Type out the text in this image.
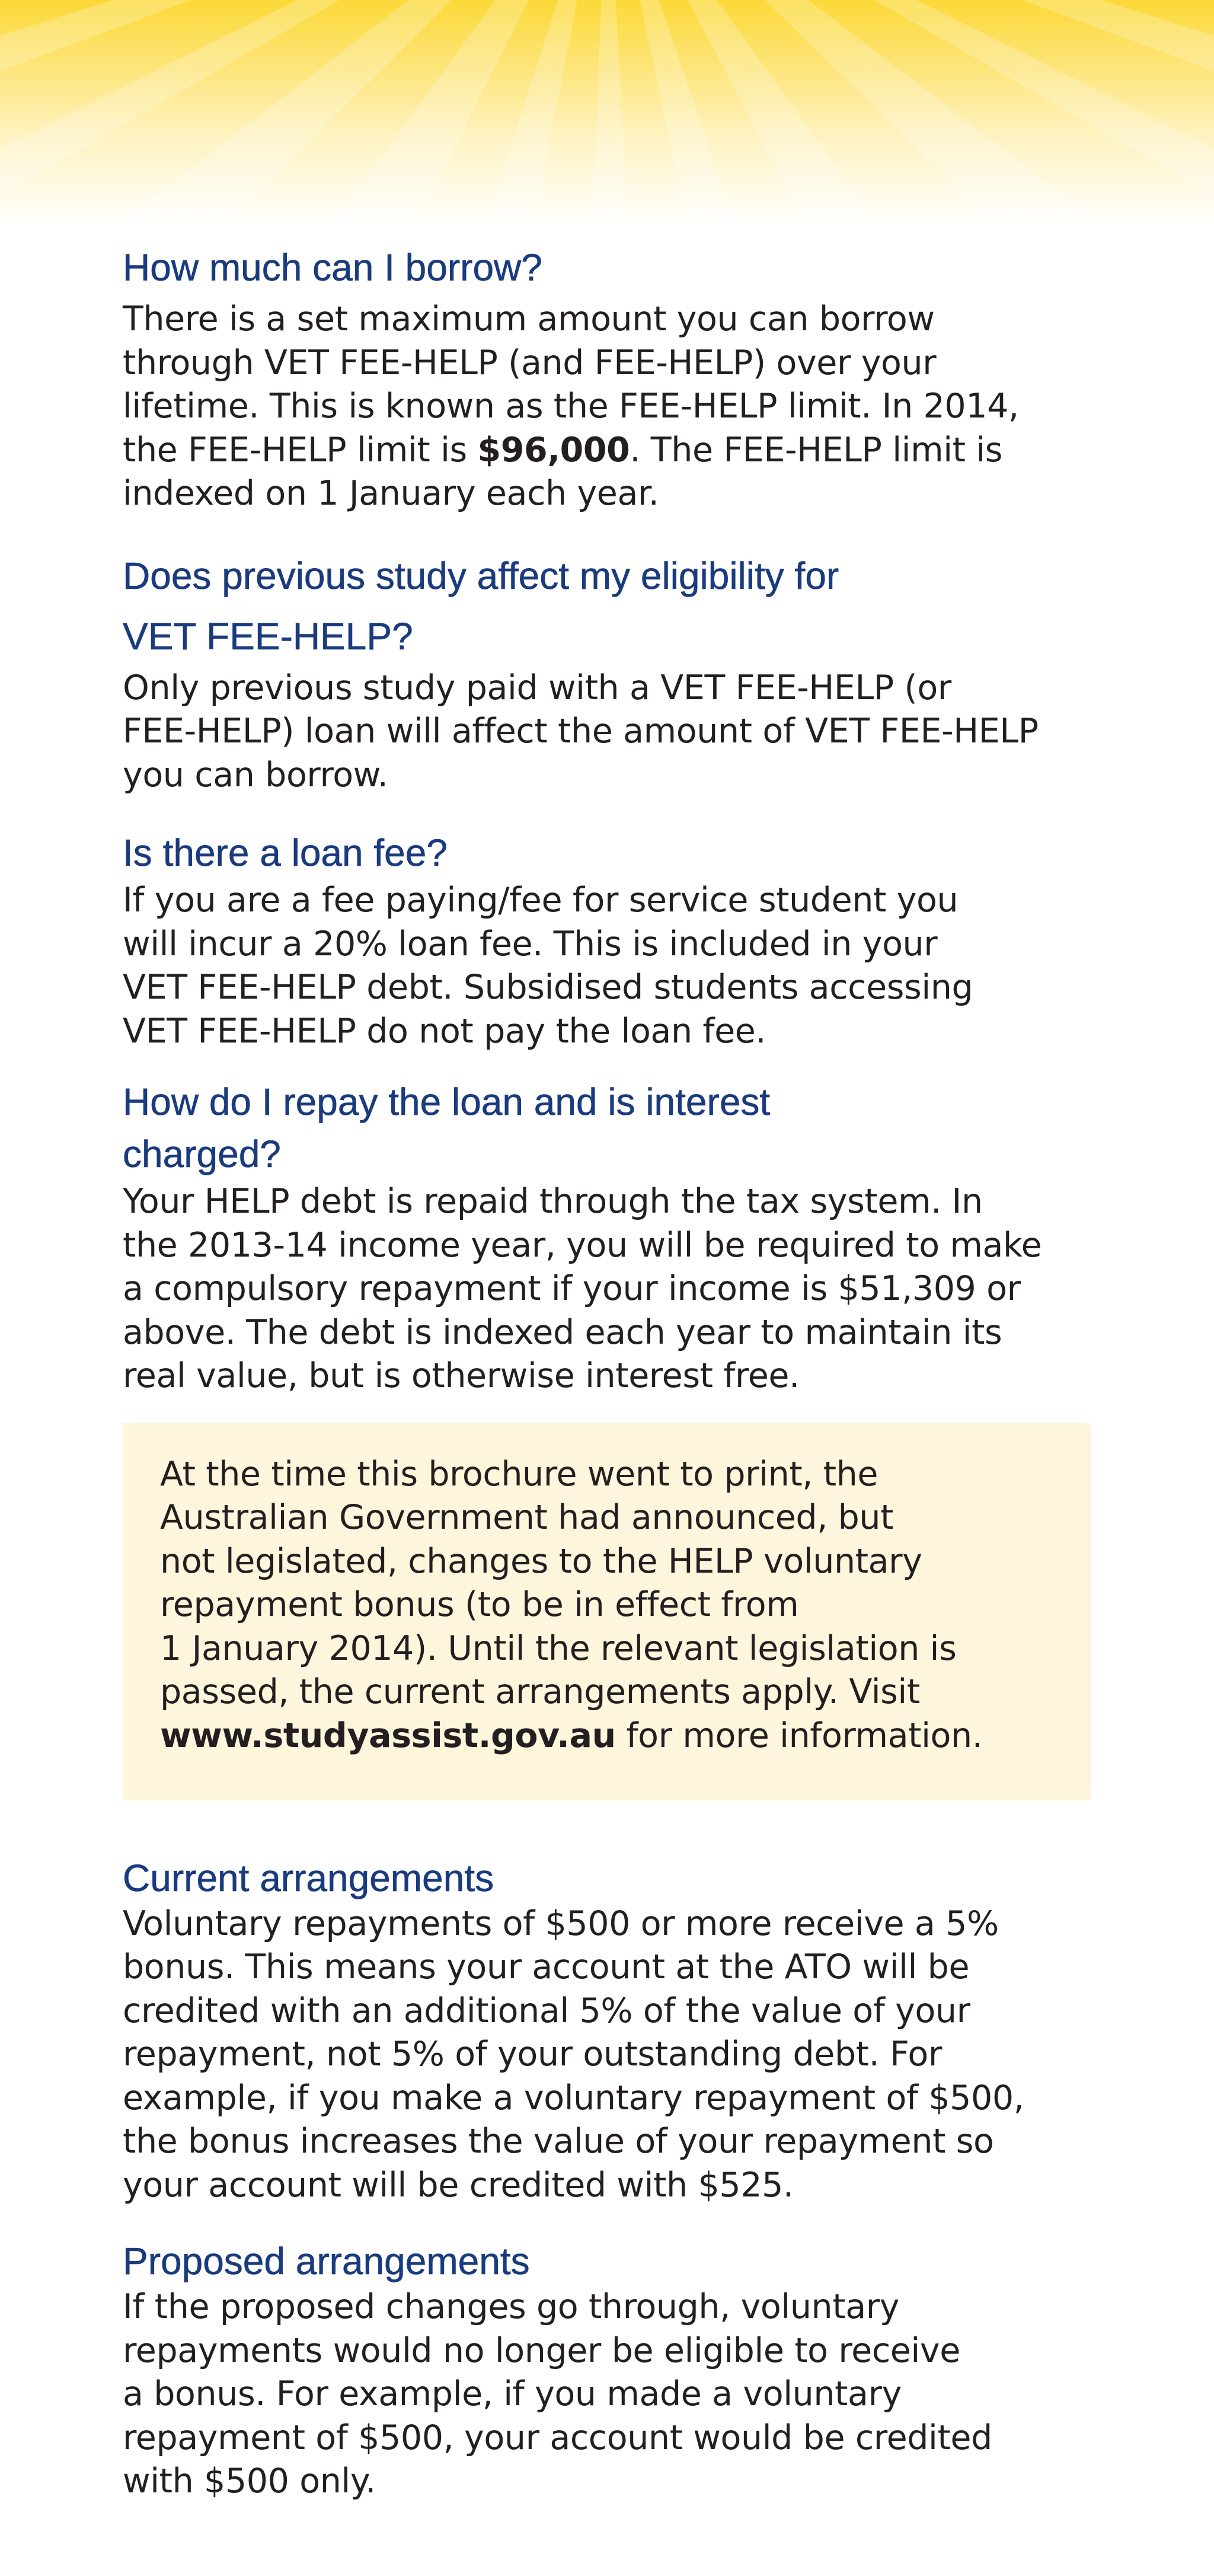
How much can I borrow?

There is a set maximum amount you can borrow
through VET FEE-HELP (and FEE-HELP) over your
lifetime. This is known as the FEE-HELP limit. In 2014,
the FEE-HELP limit is $96,000. The FEE-HELP limit is
indexed on 1 January each year.

Does previous study affect my eligibility for
VET FEE-HELP?

Only previous study paid with a VET FEE-HELP (or
FEE-HELP) loan will affect the amount of VET FEE-HELP
you can borrow.

Is there a loan fee?

If you are a fee paying/fee for service student you
will incur a 20% loan fee. This is included in your
VET FEE-HELP debt. Subsidised students accessing
VET FEE-HELP do not pay the loan fee.

How do I repay the loan and is interest
charged?

Your HELP debt is repaid through the tax system. In
the 2013-14 income year, you will be required to make
a compulsory repayment if your income is $51,309 or
above. The debt is indexed each year to maintain its
real value, but is otherwise interest free.

At the time this brochure went to print, the
Australian Government had announced, but
not legislated, changes to the HELP voluntary
repayment bonus (to be in effect from
1 January 2014). Until the relevant legislation is
passed, the current arrangements apply. Visit
www.studyassist.gov.au for more information.

Current arrangements

Voluntary repayments of $500 or more receive a 5%
bonus. This means your account at the ATO will be
credited with an additional 5% of the value of your
repayment, not 5% of your outstanding debt. For
example, if you make a voluntary repayment of $500,
the bonus increases the value of your repayment so
your account will be credited with $525.

Proposed arrangements

If the proposed changes go through, voluntary
repayments would no longer be eligible to receive
a bonus. For example, if you made a voluntary
repayment of $500, your account would be credited
with $500 only.
